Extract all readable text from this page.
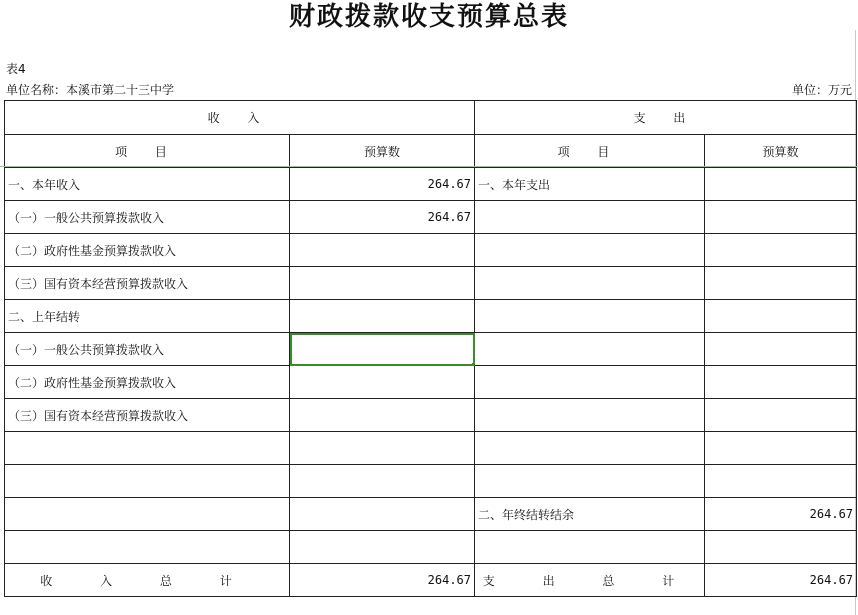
财政拨款收支预算总表
表4
单位名称：本溪市第二十三中学	单位：万元
收 入		支 出	
项 目	预算数	项 目	预算数
一、本年收入	264.67	一、本年支出	
（一）一般公共预算拨款收入	264.67		
（二）政府性基金预算拨款收入			
（三）国有资本经营预算拨款收入			
二、上年结转			
（一）一般公共预算拨款收入			
（二）政府性基金预算拨款收入			
（三）国有资本经营预算拨款收入			

		二、年终结转结余	264.67

收 入 总 计	264.67	支 出 总 计	264.67
